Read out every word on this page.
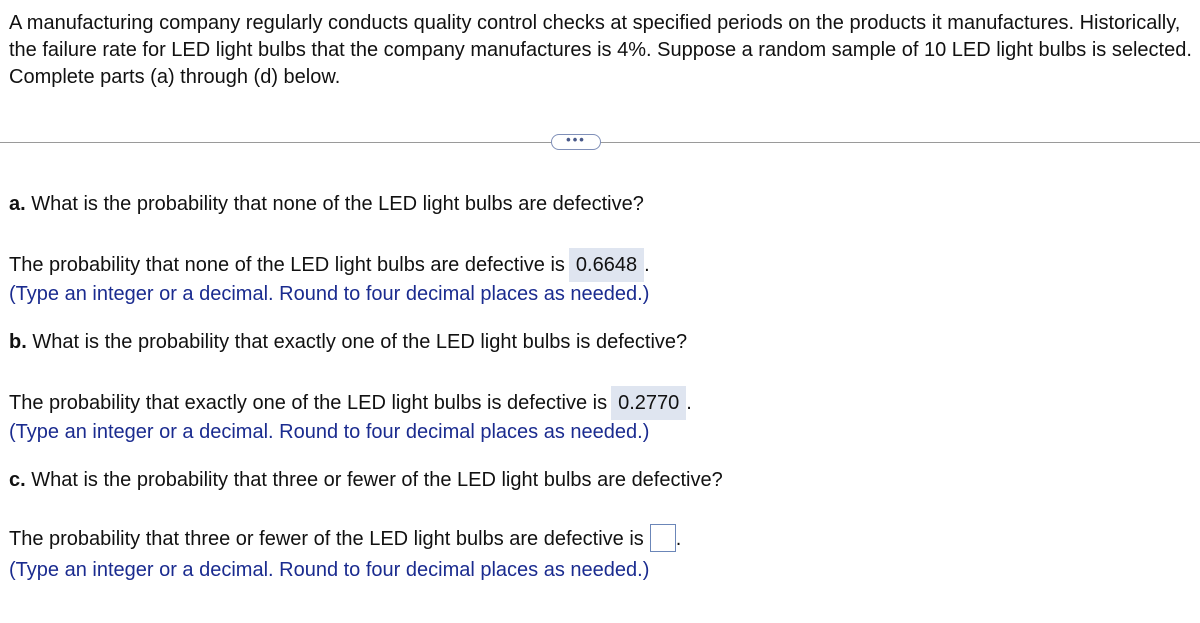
A manufacturing company regularly conducts quality control checks at specified periods on the products it manufactures. Historically, the failure rate for LED light bulbs that the company manufactures is 4%. Suppose a random sample of 10 LED light bulbs is selected. Complete parts (a) through (d) below.

•••
a. What is the probability that none of the LED light bulbs are defective?
The probability that none of the LED light bulbs are defective is 0.6648 .
(Type an integer or a decimal. Round to four decimal places as needed.)
b. What is the probability that exactly one of the LED light bulbs is defective?
The probability that exactly one of the LED light bulbs is defective is 0.2770 .
(Type an integer or a decimal. Round to four decimal places as needed.)
c. What is the probability that three or fewer of the LED light bulbs are defective?
The probability that three or fewer of the LED light bulbs are defective is .
(Type an integer or a decimal. Round to four decimal places as needed.)
